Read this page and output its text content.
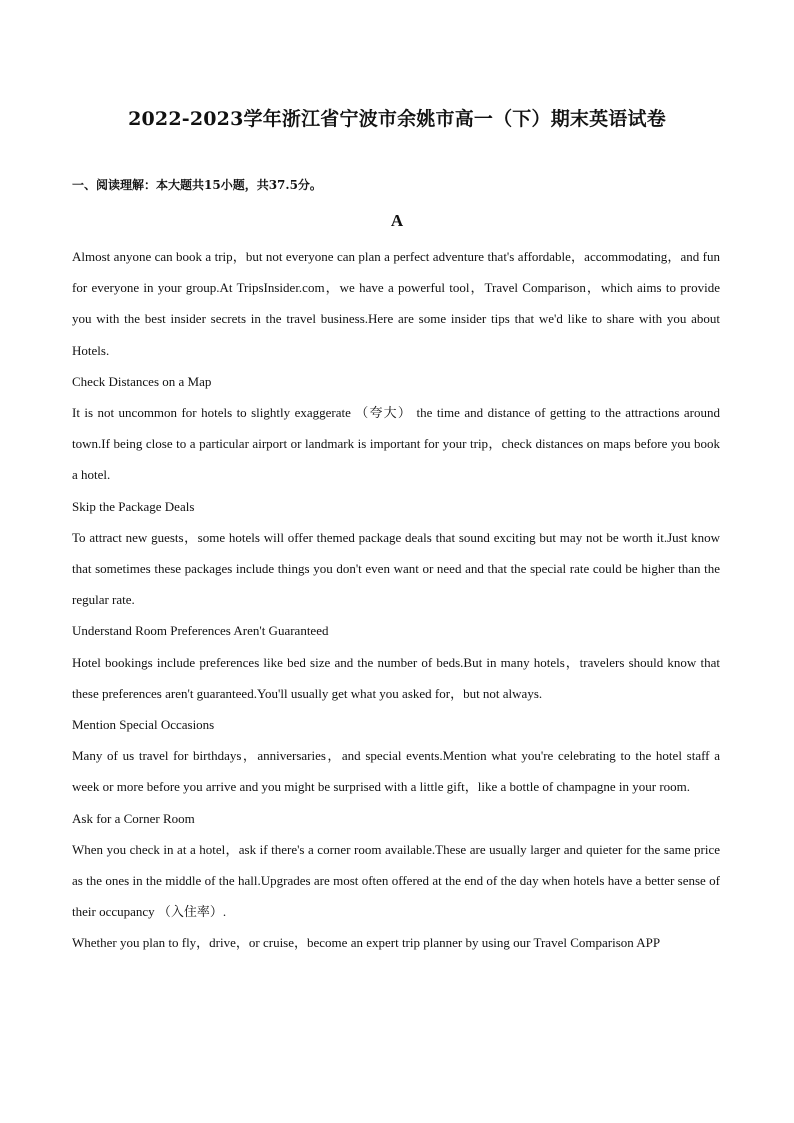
2022-2023学年浙江省宁波市余姚市高一（下）期末英语试卷
一、阅读理解：本大题共15小题，共37.5分。
A

Almost anyone can book a trip，but not everyone can plan a perfect adventure that's affordable，accommodating，and fun for everyone in your group.At TripsInsider.com，we have a powerful tool，Travel Comparison，which aims to provide you with the best insider secrets in the travel business.Here are some insider tips that we'd like to share with you about Hotels.

Check Distances on a Map

It is not uncommon for hotels to slightly exaggerate （夸大） the time and distance of getting to the attractions around town.If being close to a particular airport or landmark is important for your trip，check distances on maps before you book a hotel.

Skip the Package Deals

To attract new guests，some hotels will offer themed package deals that sound exciting but may not be worth it.Just know that sometimes these packages include things you don't even want or need and that the special rate could be higher than the regular rate.

Understand Room Preferences Aren't Guaranteed

Hotel bookings include preferences like bed size and the number of beds.But in many hotels，travelers should know that these preferences aren't guaranteed.You'll usually get what you asked for，but not always.

Mention Special Occasions

Many of us travel for birthdays，anniversaries，and special events.Mention what you're celebrating to the hotel staff a week or more before you arrive and you might be surprised with a little gift，like a bottle of champagne in your room.

Ask for a Corner Room

When you check in at a hotel，ask if there's a corner room available.These are usually larger and quieter for the same price as the ones in the middle of the hall.Upgrades are most often offered at the end of the day when hotels have a better sense of their occupancy （入住率）.

Whether you plan to fly，drive，or cruise，become an expert trip planner by using our Travel Comparison APP
